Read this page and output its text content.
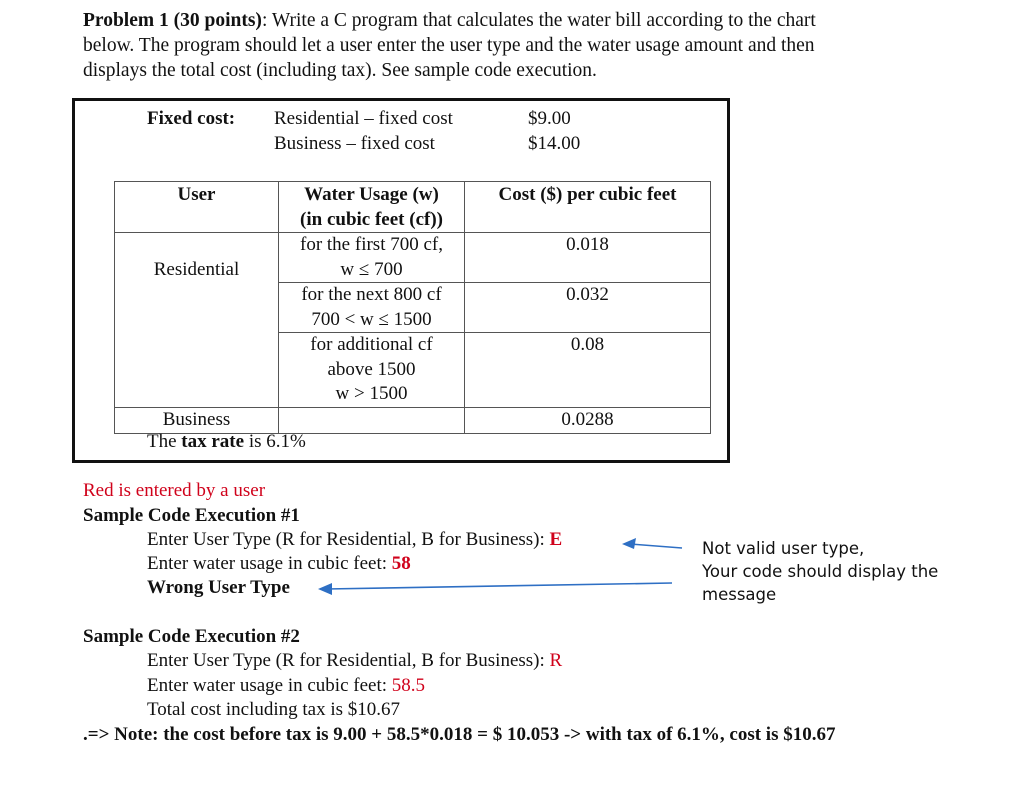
Problem 1 (30 points): Write a C program that calculates the water bill according to the chart
below. The program should let a user enter the user type and the water usage amount and then
displays the total cost (including tax). See sample code execution.
Fixed cost: Residential – fixed cost	$9.00
Business – fixed cost	$14.00
User	Water Usage (w)
(in cubic feet (cf))	Cost ($) per cubic feet

Residential	for the first 700 cf,
w ≤ 700	0.018

	for the next 800 cf
700 < w ≤ 1500	0.032

	for additional cf
above 1500
w > 1500	0.08
Business		0.0288
The tax rate is 6.1%
Red is entered by a user
Sample Code Execution #1
Enter User Type (R for Residential, B for Business): E
Enter water usage in cubic feet: 58
Wrong User Type
Not valid user type,
Your code should display the
message
Sample Code Execution #2
Enter User Type (R for Residential, B for Business): R
Enter water usage in cubic feet: 58.5
Total cost including tax is $10.67
.=> Note: the cost before tax is 9.00 + 58.5*0.018 = $ 10.053 -> with tax of 6.1%, cost is $10.67
